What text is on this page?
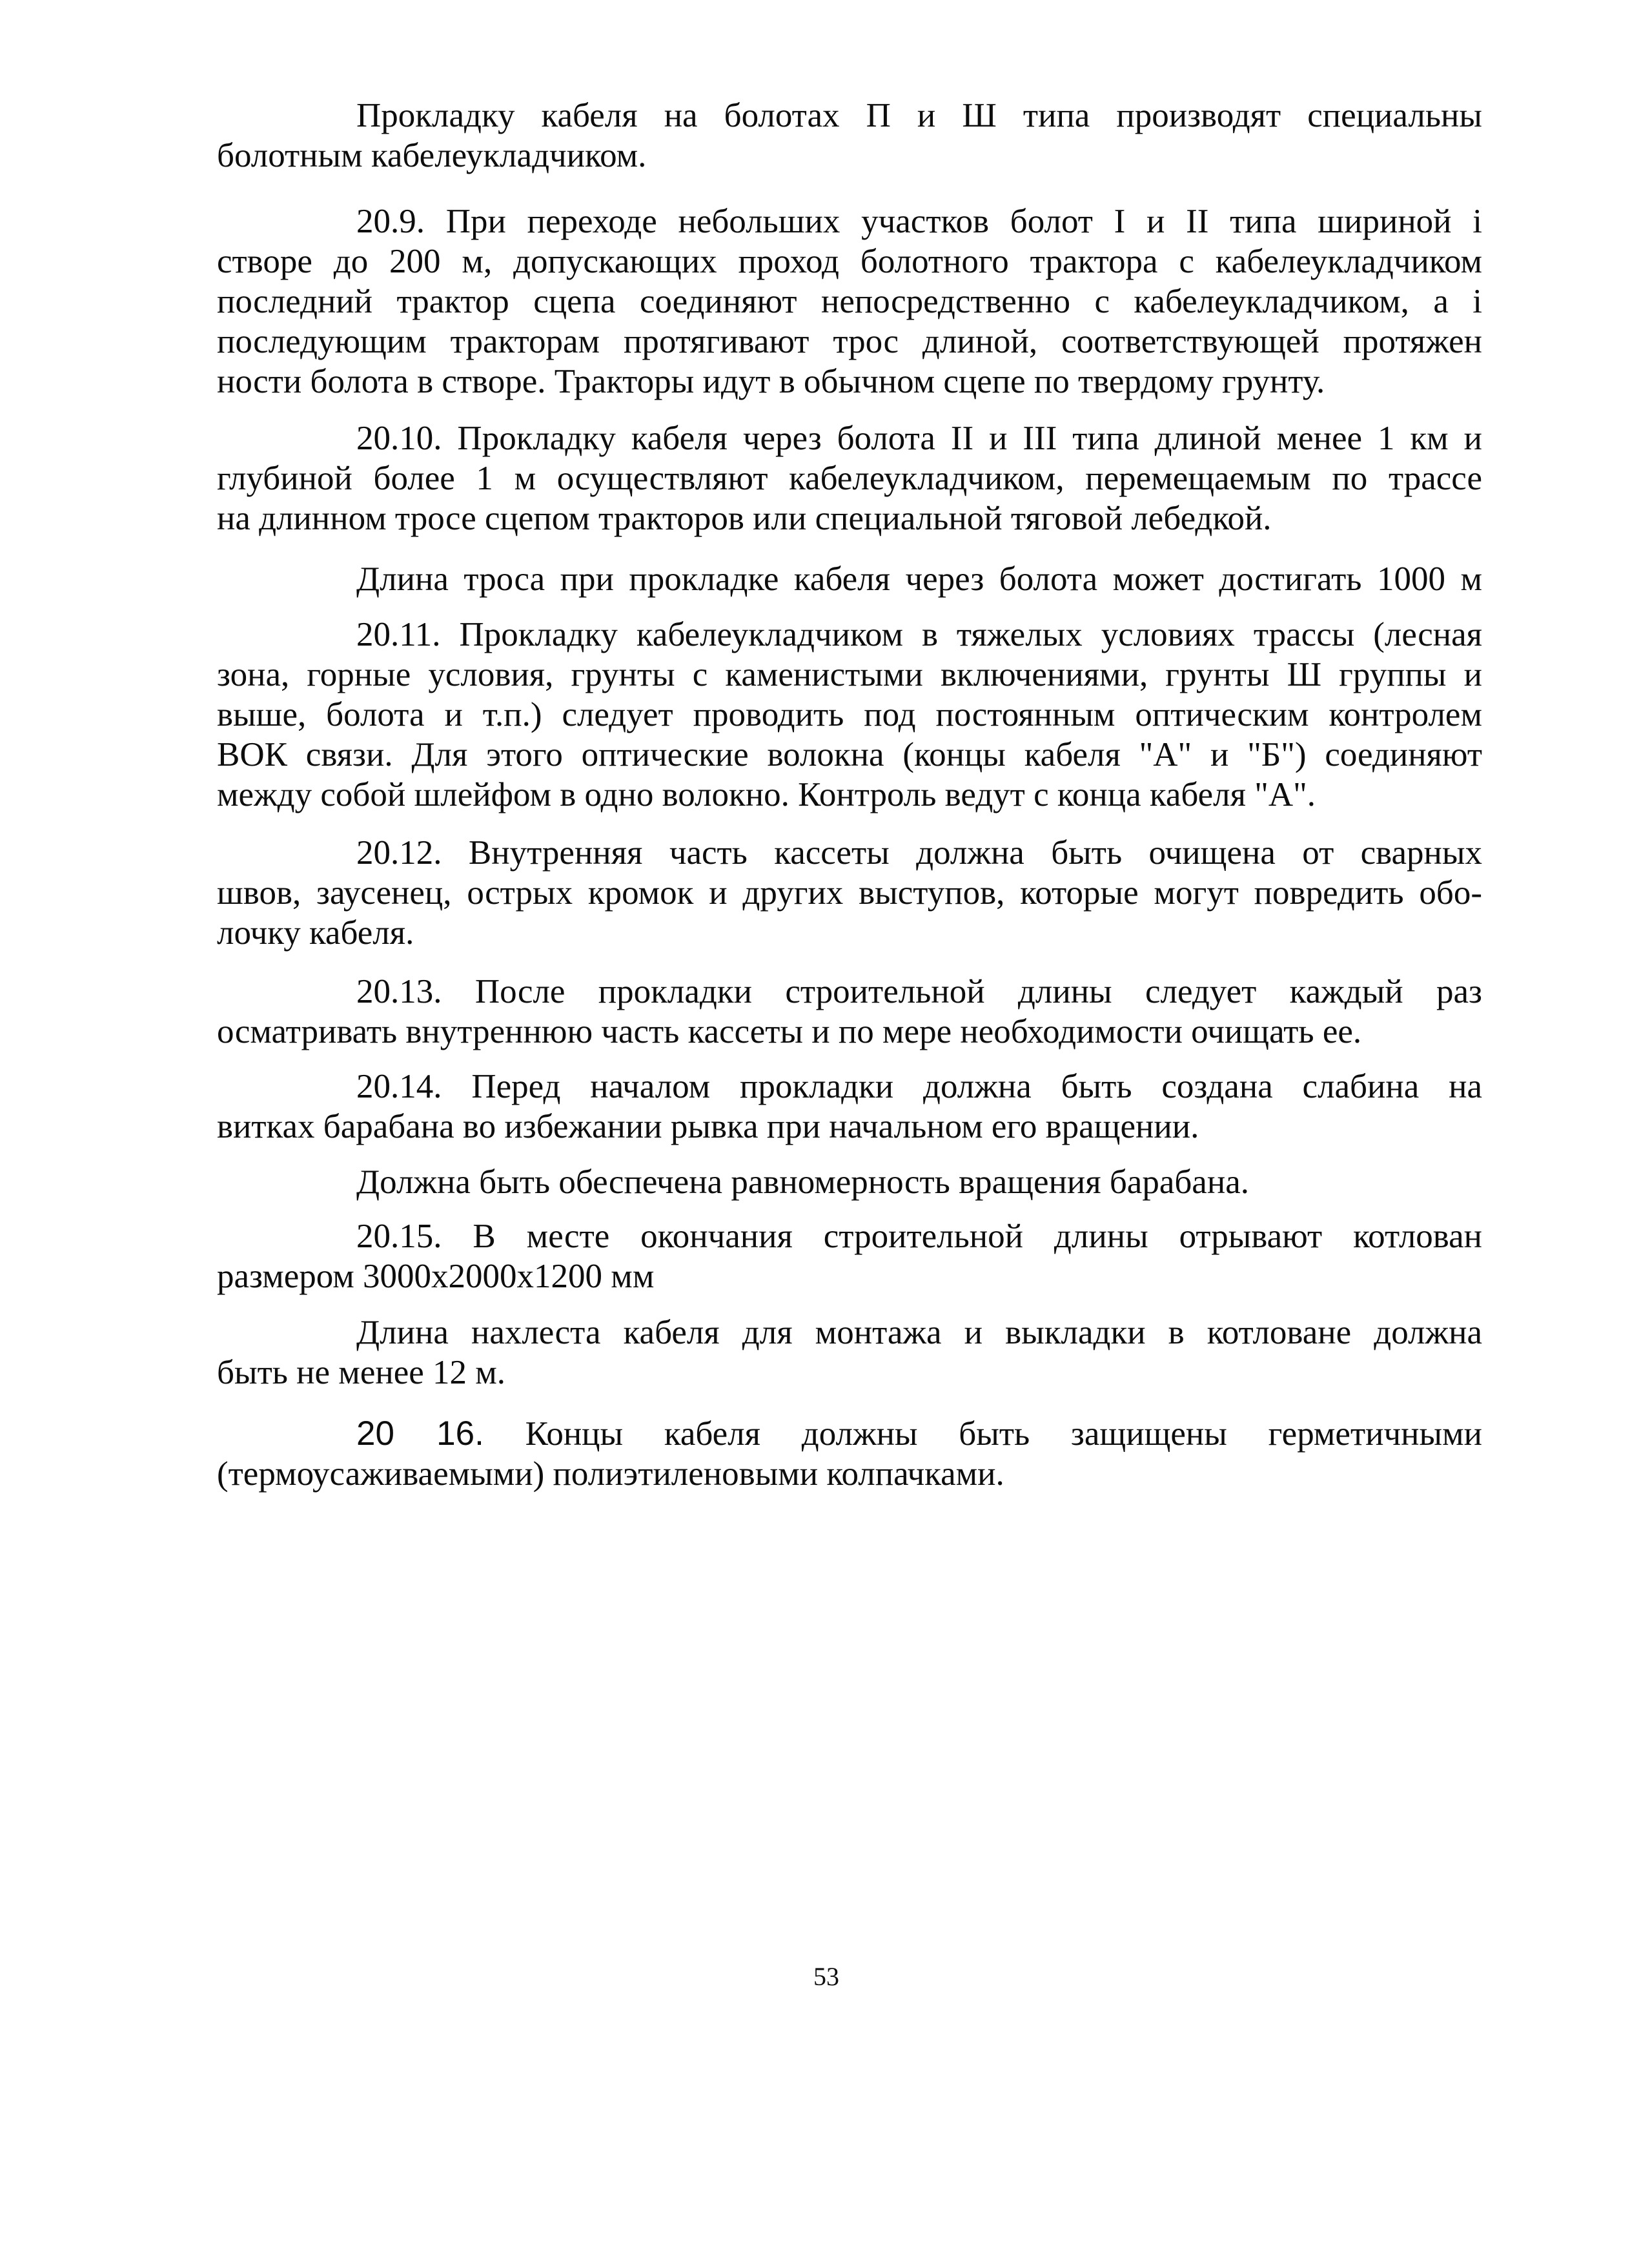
Прокладку кабеля на болотах П и Ш типа производят специальны
болотным кабелеукладчиком.
20.9. При переходе небольших участков болот I и II типа шириной і
створе до 200 м, допускающих проход болотного трактора с кабелеукладчиком
последний трактор сцепа соединяют непосредственно с кабелеукладчиком, а і
последующим тракторам протягивают трос длиной, соответствующей протяжен
ности болота в створе. Тракторы идут в обычном сцепе по твердому грунту.
20.10. Прокладку кабеля через болота II и III типа длиной менее 1 км и
глубиной более 1 м осуществляют кабелеукладчиком, перемещаемым по трассе
на длинном тросе сцепом тракторов или специальной тяговой лебедкой.
Длина троса при прокладке кабеля через болота может достигать 1000 м
20.11. Прокладку кабелеукладчиком в тяжелых условиях трассы (лесная
зона, горные условия, грунты с каменистыми включениями, грунты Ш группы и
выше, болота и т.п.) следует проводить под постоянным оптическим контролем
ВОК связи. Для этого оптические волокна (концы кабеля "А" и "Б") соединяют
между собой шлейфом в одно волокно. Контроль ведут с конца кабеля "А".
20.12. Внутренняя часть кассеты должна быть очищена от сварных
швов, заусенец, острых кромок и других выступов, которые могут повредить обо-
лочку кабеля.
20.13. После прокладки строительной длины следует каждый раз
осматривать внутреннюю часть кассеты и по мере необходимости очищать ее.
20.14. Перед началом прокладки должна быть создана слабина на
витках барабана во избежании рывка при начальном его вращении.
Должна быть обеспечена равномерность вращения барабана.
20.15. В месте окончания строительной длины отрывают котлован
размером 3000х2000х1200 мм
Длина нахлеста кабеля для монтажа и выкладки в котловане должна
быть не менее 12 м.
20 16. Концы кабеля должны быть защищены герметичными
(термоусаживаемыми) полиэтиленовыми колпачками.
53
